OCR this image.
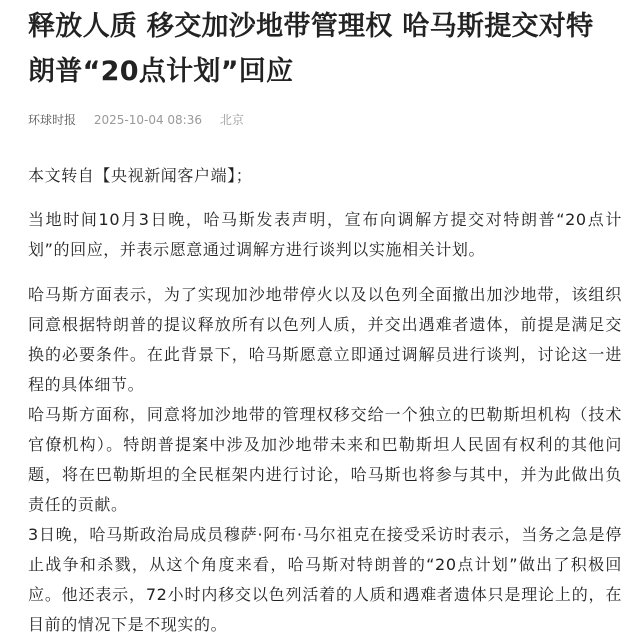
释放人质 移交加沙地带管理权 哈马斯提交对特朗普“20点计划”回应
环球时报 2025-10-04 08:36 北京

本文转自【央视新闻客户端】；

当地时间10月3日晚，哈马斯发表声明，宣布向调解方提交对特朗普“20点计划”的回应，并表示愿意通过调解方进行谈判以实施相关计划。

哈马斯方面表示，为了实现加沙地带停火以及以色列全面撤出加沙地带，该组织同意根据特朗普的提议释放所有以色列人质，并交出遇难者遗体，前提是满足交换的必要条件。在此背景下，哈马斯愿意立即通过调解员进行谈判，讨论这一进程的具体细节。

哈马斯方面称，同意将加沙地带的管理权移交给一个独立的巴勒斯坦机构（技术官僚机构）。特朗普提案中涉及加沙地带未来和巴勒斯坦人民固有权利的其他问题，将在巴勒斯坦的全民框架内进行讨论，哈马斯也将参与其中，并为此做出负责任的贡献。

3日晚，哈马斯政治局成员穆萨·阿布·马尔祖克在接受采访时表示，当务之急是停止战争和杀戮，从这个角度来看，哈马斯对特朗普的“20点计划”做出了积极回应。他还表示，72小时内移交以色列活着的人质和遇难者遗体只是理论上的，在目前的情况下是不现实的。
